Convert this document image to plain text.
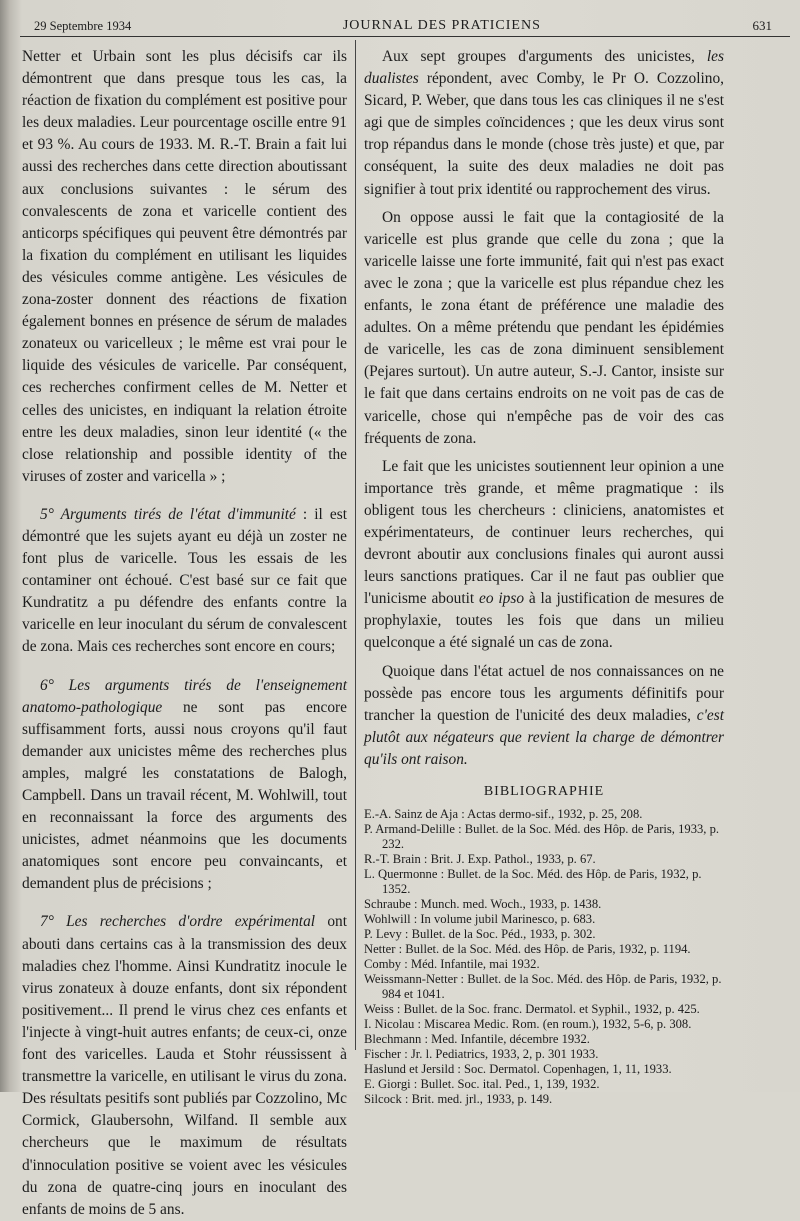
29 Septembre 1934	JOURNAL DES PRATICIENS	631

Netter et Urbain sont les plus décisifs car ils démontrent que dans presque tous les cas, la réaction de fixation du complément est positive pour les deux maladies. Leur pourcentage oscille entre 91 et 93 %. Au cours de 1933. M. R.-T. Brain a fait lui aussi des recherches dans cette direction aboutissant aux conclusions suivantes : le sérum des convalescents de zona et varicelle contient des anticorps spécifiques qui peuvent être démontrés par la fixation du complément en utilisant les liquides des vésicules comme antigène. Les vésicules de zona-zoster donnent des réactions de fixation également bonnes en présence de sérum de malades zonateux ou varicelleux ; le même est vrai pour le liquide des vésicules de varicelle. Par conséquent, ces recherches confirment celles de M. Netter et celles des unicistes, en indiquant la relation étroite entre les deux maladies, sinon leur identité (« the close relationship and possible identity of the viruses of zoster and varicella » ;

5° Arguments tirés de l'état d'immunité : il est démontré que les sujets ayant eu déjà un zoster ne font plus de varicelle. Tous les essais de les contaminer ont échoué. C'est basé sur ce fait que Kundratitz a pu défendre des enfants contre la varicelle en leur inoculant du sérum de convalescent de zona. Mais ces recherches sont encore en cours;

6° Les arguments tirés de l'enseignement anatomo-pathologique ne sont pas encore suffisamment forts, aussi nous croyons qu'il faut demander aux unicistes même des recherches plus amples, malgré les constatations de Balogh, Campbell. Dans un travail récent, M. Wohlwill, tout en reconnaissant la force des arguments des unicistes, admet néanmoins que les documents anatomiques sont encore peu convaincants, et demandent plus de précisions ;

7° Les recherches d'ordre expérimental ont abouti dans certains cas à la transmission des deux maladies chez l'homme. Ainsi Kundratitz inocule le virus zonateux à douze enfants, dont six répondent positivement... Il prend le virus chez ces enfants et l'injecte à vingt-huit autres enfants; de ceux-ci, onze font des varicelles. Lauda et Stohr réussissent à transmettre la varicelle, en utilisant le virus du zona. Des résultats pesitifs sont publiés par Cozzolino, Mc Cormick, Glaubersohn, Wilfand. Il semble aux chercheurs que le maximum de résultats d'innoculation positive se voient avec les vésicules du zona de quatre-cinq jours en inoculant des enfants de moins de 5 ans.

Aux sept groupes d'arguments des unicistes, les dualistes répondent, avec Comby, le Pr O. Cozzolino, Sicard, P. Weber, que dans tous les cas cliniques il ne s'est agi que de simples coïncidences ; que les deux virus sont trop répandus dans le monde (chose très juste) et que, par conséquent, la suite des deux maladies ne doit pas signifier à tout prix identité ou rapprochement des virus.

On oppose aussi le fait que la contagiosité de la varicelle est plus grande que celle du zona ; que la varicelle laisse une forte immunité, fait qui n'est pas exact avec le zona ; que la varicelle est plus répandue chez les enfants, le zona étant de préférence une maladie des adultes. On a même prétendu que pendant les épidémies de varicelle, les cas de zona diminuent sensiblement (Pejares surtout). Un autre auteur, S.-J. Cantor, insiste sur le fait que dans certains endroits on ne voit pas de cas de varicelle, chose qui n'empêche pas de voir des cas fréquents de zona.

Le fait que les unicistes soutiennent leur opinion a une importance très grande, et même pragmatique : ils obligent tous les chercheurs : cliniciens, anatomistes et expérimentateurs, de continuer leurs recherches, qui devront aboutir aux conclusions finales qui auront aussi leurs sanctions pratiques. Car il ne faut pas oublier que l'unicisme aboutit eo ipso à la justification de mesures de prophylaxie, toutes les fois que dans un milieu quelconque a été signalé un cas de zona.

Quoique dans l'état actuel de nos connaissances on ne possède pas encore tous les arguments définitifs pour trancher la question de l'unicité des deux maladies, c'est plutôt aux négateurs que revient la charge de démontrer qu'ils ont raison.

BIBLIOGRAPHIE
E.-A. Sainz de Aja : Actas dermo-sif., 1932, p. 25, 208.
P. Armand-Delille : Bullet. de la Soc. Méd. des Hôp. de Paris, 1933, p. 232.
R.-T. Brain : Brit. J. Exp. Pathol., 1933, p. 67.
L. Quermonne : Bullet. de la Soc. Méd. des Hôp. de Paris, 1932, p. 1352.
Schraube : Munch. med. Woch., 1933, p. 1438.
Wohlwill : In volume jubil Marinesco, p. 683.
P. Levy : Bullet. de la Soc. Péd., 1933, p. 302.
Netter : Bullet. de la Soc. Méd. des Hôp. de Paris, 1932, p. 1194.
Comby : Méd. Infantile, mai 1932.
Weissmann-Netter : Bullet. de la Soc. Méd. des Hôp. de Paris, 1932, p. 984 et 1041.
Weiss : Bullet. de la Soc. franc. Dermatol. et Syphil., 1932, p. 425.
I. Nicolau : Miscarea Medic. Rom. (en roum.), 1932, 5-6, p. 308.
Blechmann : Med. Infantile, décembre 1932.
Fischer : Jr. l. Pediatrics, 1933, 2, p. 301 1933.
Haslund et Jersild : Soc. Dermatol. Copenhagen, 1, 11, 1933.
E. Giorgi : Bullet. Soc. ital. Ped., 1, 139, 1932.
Silcock : Brit. med. jrl., 1933, p. 149.
